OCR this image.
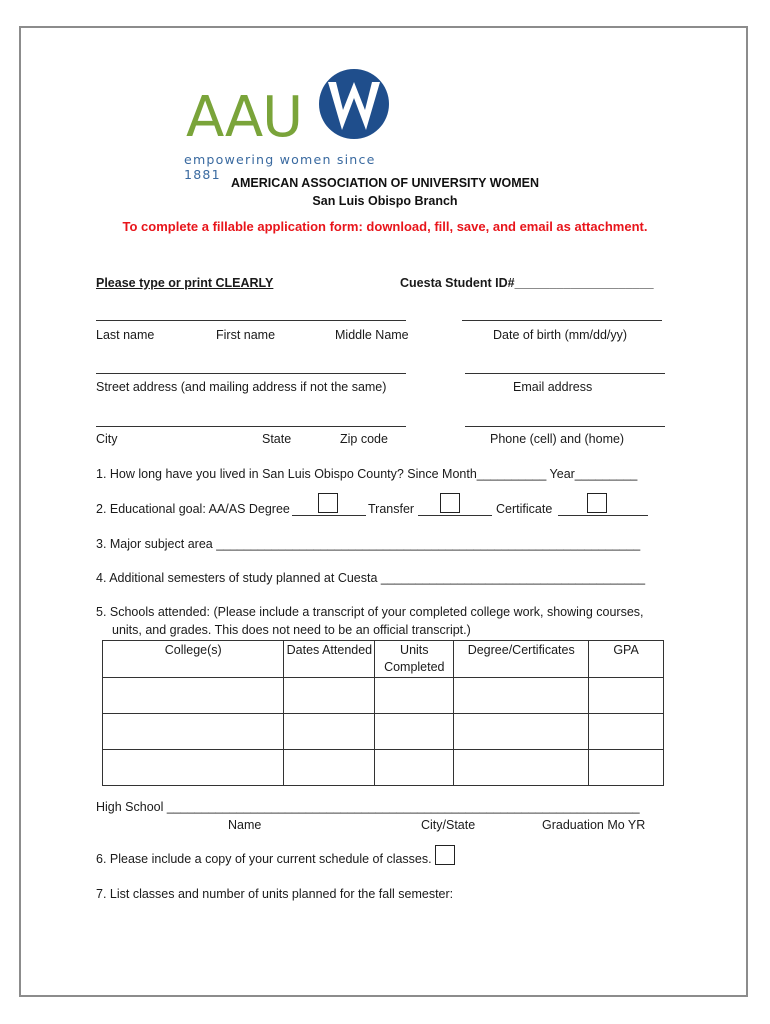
AAU
empowering women since 1881
AMERICAN ASSOCIATION OF UNIVERSITY WOMEN
San Luis Obispo Branch
To complete a fillable application form: download, fill, save, and email as attachment.
Please type or print CLEARLY	Cuesta Student ID#____________________
Last name	First name	Middle Name	Date of birth (mm/dd/yy)
Street address (and mailing address if not the same)	Email address
City	State	Zip code	Phone (cell) and (home)
1. How long have you lived in San Luis Obispo County? Since Month__________ Year_________
2. Educational goal: AA/AS Degree	Transfer	Certificate
3. Major subject area _____________________________________________________________
4. Additional semesters of study planned at Cuesta ______________________________________
5. Schools attended: (Please include a transcript of your completed college work, showing courses,
units, and grades. This does not need to be an official transcript.)
College(s)	Dates Attended	Units Completed	Degree/Certificates	GPA

High School ____________________________________________________________________
Name	City/State	Graduation Mo YR
6. Please include a copy of your current schedule of classes.
7. List classes and number of units planned for the fall semester:
